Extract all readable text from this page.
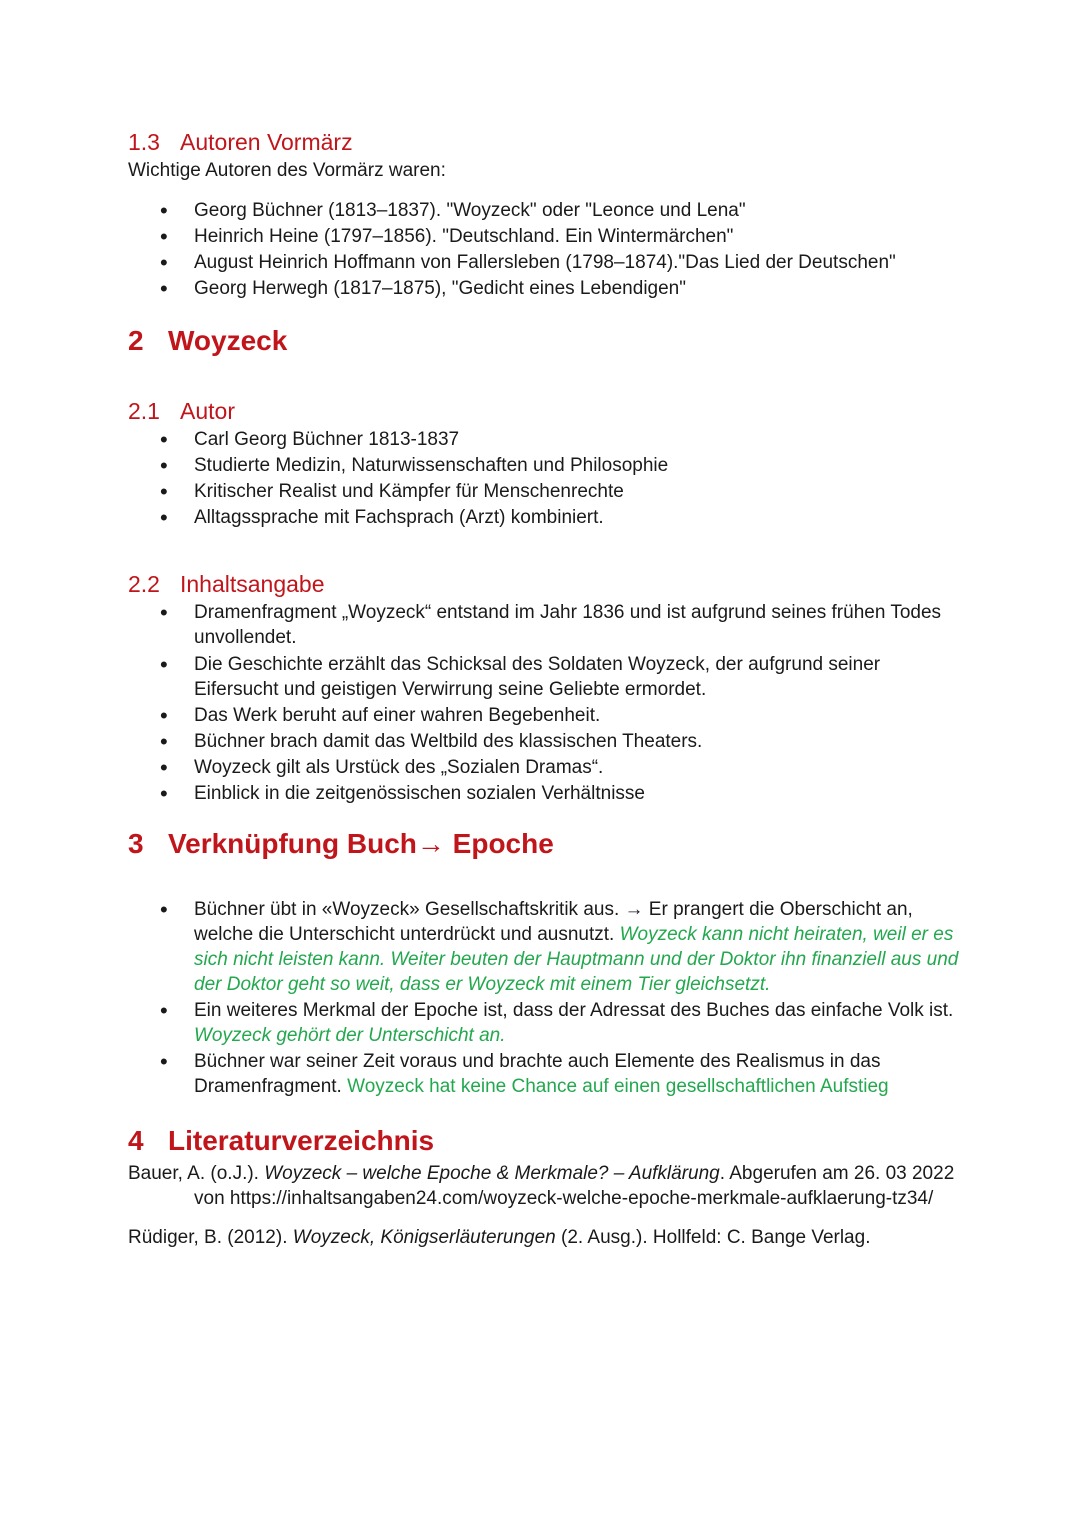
1.3 Autoren Vormärz

Wichtige Autoren des Vormärz waren:

• Georg Büchner (1813–1837). "Woyzeck" oder "Leonce und Lena"
• Heinrich Heine (1797–1856). "Deutschland. Ein Wintermärchen"
• August Heinrich Hoffmann von Fallersleben (1798–1874)."Das Lied der Deutschen"
• Georg Herwegh (1817–1875), "Gedicht eines Lebendigen"
2 Woyzeck
2.1 Autor
• Carl Georg Büchner 1813-1837
• Studierte Medizin, Naturwissenschaften und Philosophie
• Kritischer Realist und Kämpfer für Menschenrechte
• Alltagssprache mit Fachsprach (Arzt) kombiniert.
2.2 Inhaltsangabe
• Dramenfragment „Woyzeck“ entstand im Jahr 1836 und ist aufgrund seines frühen Todes unvollendet.
• Die Geschichte erzählt das Schicksal des Soldaten Woyzeck, der aufgrund seiner Eifersucht und geistigen Verwirrung seine Geliebte ermordet.
• Das Werk beruht auf einer wahren Begebenheit.
• Büchner brach damit das Weltbild des klassischen Theaters.
• Woyzeck gilt als Urstück des „Sozialen Dramas“.
• Einblick in die zeitgenössischen sozialen Verhältnisse
3 Verknüpfung Buch→ Epoche
• Büchner übt in «Woyzeck» Gesellschaftskritik aus. → Er prangert die Oberschicht an, welche die Unterschicht unterdrückt und ausnutzt. Woyzeck kann nicht heiraten, weil er es sich nicht leisten kann. Weiter beuten der Hauptmann und der Doktor ihn finanziell aus und der Doktor geht so weit, dass er Woyzeck mit einem Tier gleichsetzt.
• Ein weiteres Merkmal der Epoche ist, dass der Adressat des Buches das einfache Volk ist. Woyzeck gehört der Unterschicht an.
• Büchner war seiner Zeit voraus und brachte auch Elemente des Realismus in das Dramenfragment. Woyzeck hat keine Chance auf einen gesellschaftlichen Aufstieg
4 Literaturverzeichnis

Bauer, A. (o.J.). Woyzeck – welche Epoche & Merkmale? – Aufklärung. Abgerufen am 26. 03 2022 von https://inhaltsangaben24.com/woyzeck-welche-epoche-merkmale-aufklaerung-tz34/

Rüdiger, B. (2012). Woyzeck, Königserläuterungen (2. Ausg.). Hollfeld: C. Bange Verlag.
